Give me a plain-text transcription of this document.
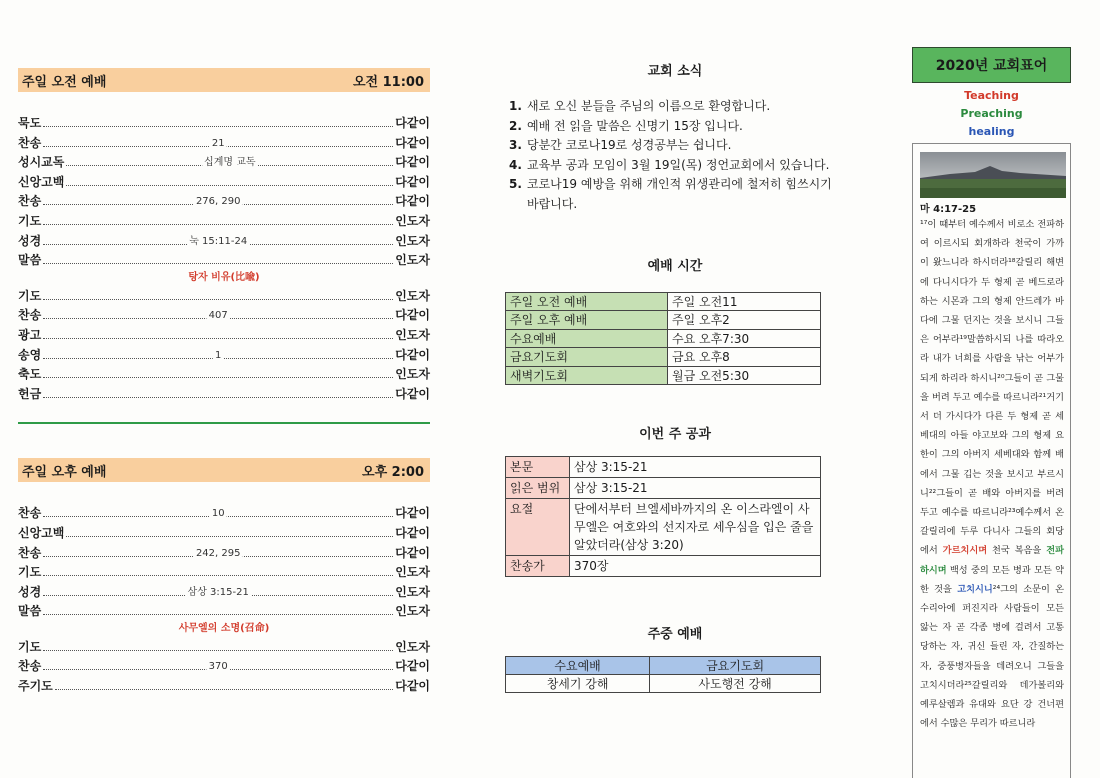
주일 오전 예배	오전 11:00
묵도	다같이
찬송	21	다같이
성시교독	십계명 교독	다같이
신앙고백	다같이
찬송	276, 290	다같이
기도	인도자
성경	눅 15:11-24	인도자
말씀	인도자
탕자 비유(比喩)
기도	인도자
찬송	407	다같이
광고	인도자
송영	1	다같이
축도	인도자
헌금	다같이
주일 오후 예배	오후 2:00
찬송	10	다같이
신앙고백	다같이
찬송	242, 295	다같이
기도	인도자
성경	삼상 3:15-21	인도자
말씀	인도자
사무엘의 소명(召命)
기도	인도자
찬송	370	다같이
주기도	다같이
교회 소식
1. 새로 오신 분들을 주님의 이름으로 환영합니다.
2. 예배 전 읽을 말씀은 신명기 15장 입니다.
3. 당분간 코로나19로 성경공부는 쉽니다.
4. 교육부 공과 모임이 3월 19일(목) 정언교회에서 있습니다.
5. 코로나19 예방을 위해 개인적 위생관리에 철저히 힘쓰시기 바랍니다.
예배 시간
주일 오전 예배	주일 오전11
주일 오후 예배	주일 오후2
수요예배	수요 오후7:30
금요기도회	금요 오후8
새벽기도회	월금 오전5:30
이번 주 공과
본문	삼상 3:15-21
읽은 범위	삼상 3:15-21
요절	단에서부터 브엘세바까지의 온 이스라엘이 사무엘은 여호와의 선지자로 세우심을 입은 줄을 알았더라(삼상 3:20)
찬송가	370장
주중 예배
수요예배	금요기도회
창세기 강해	사도행전 강해
2020년 교회표어
Teaching
Preaching
healing
마 4:17-25
¹⁷이 때부터 예수께서 비로소 전파하여 이르시되 회개하라 천국이 가까이 왔느니라 하시더라¹⁸갈릴리 해변에 다니시다가 두 형제 곧 베드로라 하는 시몬과 그의 형제 안드레가 바다에 그물 던지는 것을 보시니 그들은 어부라¹⁹말씀하시되 나를 따라오라 내가 너희를 사람을 낚는 어부가 되게 하리라 하시니²⁰그들이 곧 그물을 버려 두고 예수를 따르니라²¹거기서 더 가시다가 다른 두 형제 곧 세베대의 아들 야고보와 그의 형제 요한이 그의 아버지 세베대와 함께 배에서 그물 깁는 것을 보시고 부르시니²²그들이 곧 배와 아버지를 버려 두고 예수를 따르니라²³예수께서 온 갈릴리에 두루 다니사 그들의 회당에서 가르치시며 천국 복음을 전파하시며 백성 중의 모든 병과 모든 약한 것을 고치시니²⁴그의 소문이 온 수리아에 퍼진지라 사람들이 모든 앓는 자 곧 각종 병에 걸려서 고통 당하는 자, 귀신 들린 자, 간질하는 자, 중풍병자들을 데려오니 그들을 고치시더라²⁵갈릴리와 데가볼리와 예루살렘과 유대와 요단 강 건너편에서 수많은 무리가 따르니라
